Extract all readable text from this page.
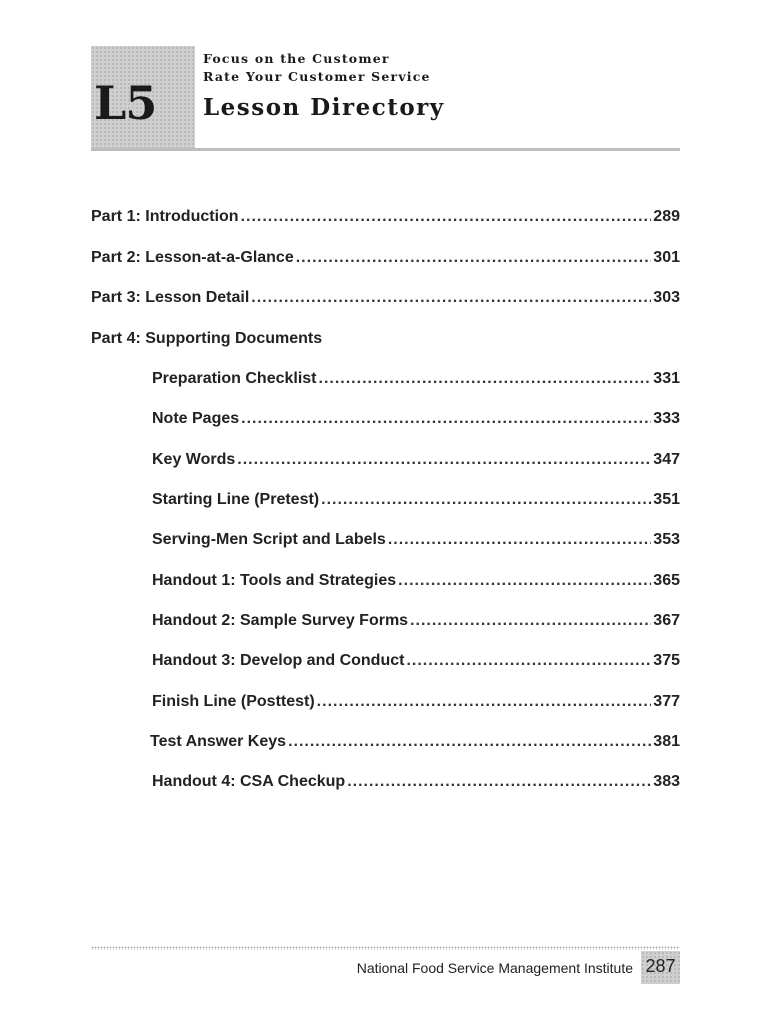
L5
Focus on the Customer
Rate Your Customer Service
Lesson Directory
Part 1: Introduction .....	289
Part 2: Lesson-at-a-Glance .....	301
Part 3: Lesson Detail .....	303
Part 4: Supporting Documents
Preparation Checklist .....	331
Note Pages .....	333
Key Words .....	347
Starting Line (Pretest) .....	351
Serving-Men Script and Labels .....	353
Handout 1: Tools and Strategies .....	365
Handout 2: Sample Survey Forms .....	367
Handout 3: Develop and Conduct .....	375
Finish Line (Posttest) .....	377
Test Answer Keys .....	381
Handout 4: CSA Checkup .....	383
National Food Service Management Institute 287
